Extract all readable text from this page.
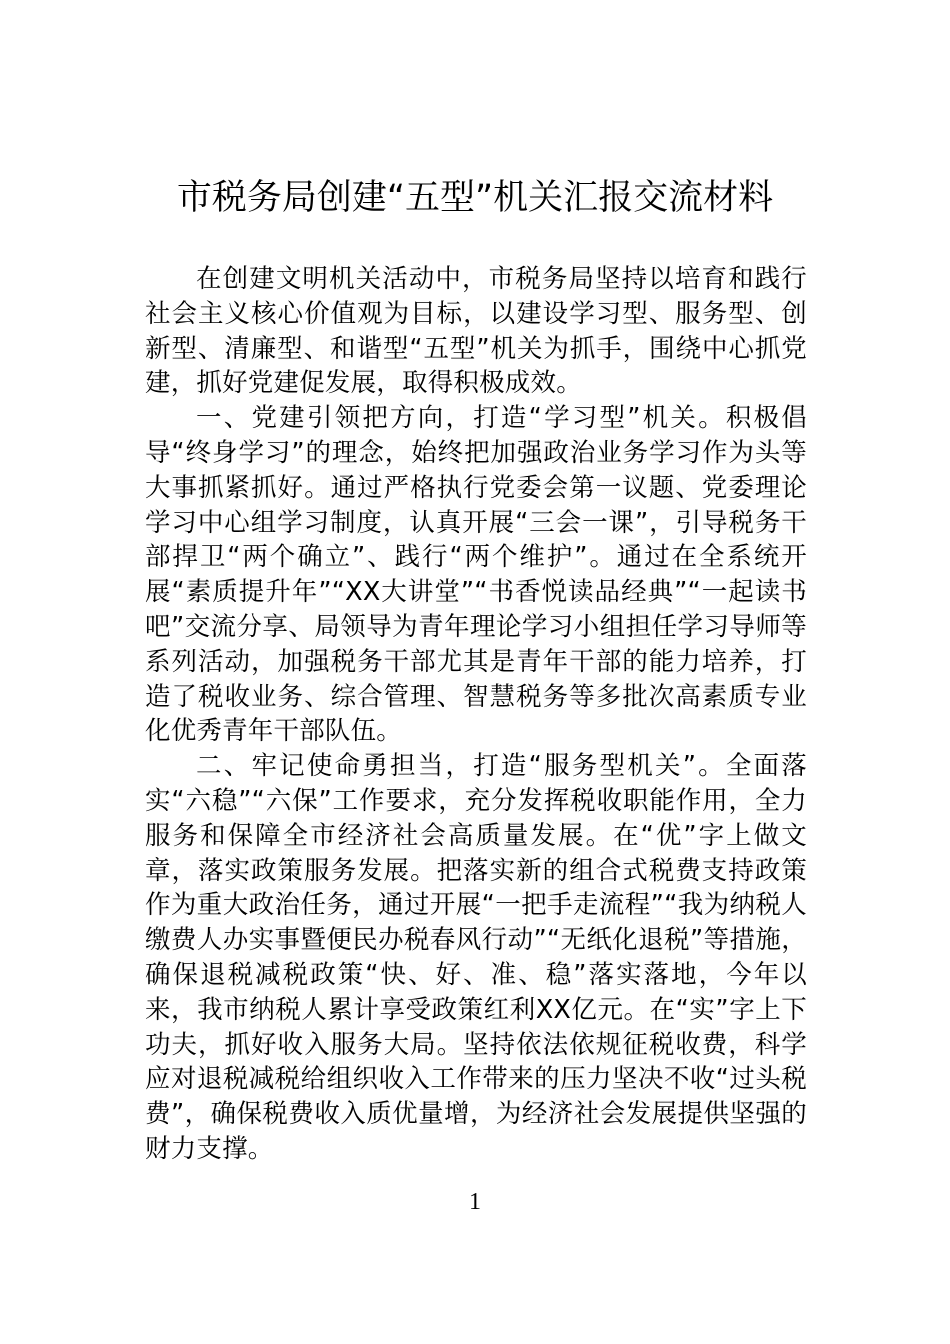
市税务局创建“五型”机关汇报交流材料

在创建文明机关活动中，市税务局坚持以培育和践行社会主义核心价值观为目标，以建设学习型、服务型、创新型、清廉型、和谐型“五型”机关为抓手，围绕中心抓党建，抓好党建促发展，取得积极成效。

一、党建引领把方向，打造“学习型”机关。积极倡导“终身学习”的理念，始终把加强政治业务学习作为头等大事抓紧抓好。通过严格执行党委会第一议题、党委理论学习中心组学习制度，认真开展“三会一课”，引导税务干部捍卫“两个确立”、践行“两个维护”。通过在全系统开展“素质提升年”“XX大讲堂”“书香悦读品经典”“一起读书吧”交流分享、局领导为青年理论学习小组担任学习导师等系列活动，加强税务干部尤其是青年干部的能力培养，打造了税收业务、综合管理、智慧税务等多批次高素质专业化优秀青年干部队伍。

二、牢记使命勇担当，打造“服务型机关”。全面落实“六稳”“六保”工作要求，充分发挥税收职能作用，全力服务和保障全市经济社会高质量发展。在“优”字上做文章，落实政策服务发展。把落实新的组合式税费支持政策作为重大政治任务，通过开展“一把手走流程”“我为纳税人缴费人办实事暨便民办税春风行动”“无纸化退税”等措施，确保退税减税政策“快、好、准、稳”落实落地，今年以来，我市纳税人累计享受政策红利XX亿元。在“实”字上下功夫，抓好收入服务大局。坚持依法依规征税收费，科学应对退税减税给组织收入工作带来的压力坚决不收“过头税费”，确保税费收入质优量增，为经济社会发展提供坚强的财力支撑。

1
